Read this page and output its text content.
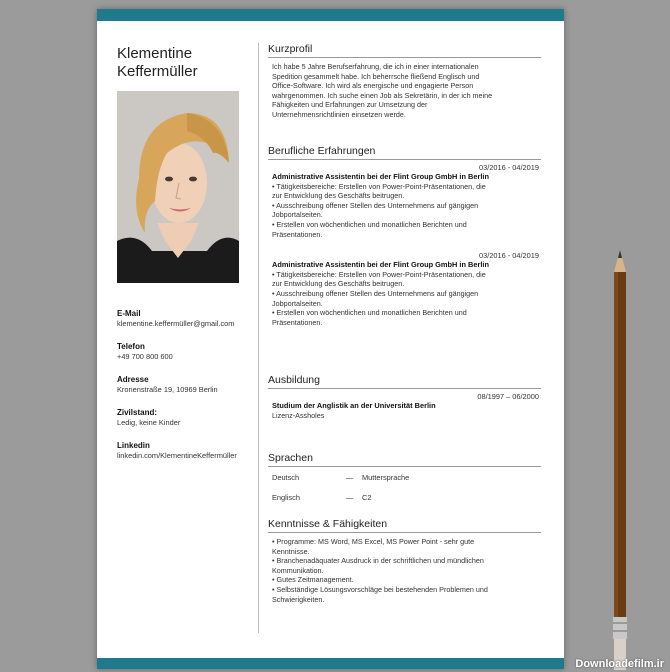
Klementine
Keffermüller
E-Mail
klementine.keffermüller@gmail.com
Telefon
+49 700 800 600
Adresse
Kronenstraße 19, 10969 Berlin
Zivilstand:
Ledig, keine Kinder
Linkedin
linkedin.com/KlementineKeffermüller
Kurzprofil
Ich habe 5 Jahre Berufserfahrung, die ich in einer internationalen
Spedition gesammelt habe. Ich beherrsche fließend Englisch und
Office-Software. Ich wird als energische und engagierte Person
wahrgenommen. Ich suche einen Job als Sekretärin, in der ich meine
Fähigkeiten und Erfahrungen zur Umsetzung der
Unternehmensrichtlinien einsetzen werde.
Berufliche Erfahrungen
03/2016 - 04/2019
Administrative Assistentin bei der Flint Group GmbH in Berlin
• Tätigkeitsbereiche: Erstellen von Power-Point-Präsentationen, die
zur Entwicklung des Geschäfts beitrugen.
• Ausschreibung offener Stellen des Unternehmens auf gängigen
Jobportalseiten.
• Erstellen von wöchentlichen und monatlichen Berichten und
Präsentationen.
03/2016 - 04/2019
Administrative Assistentin bei der Flint Group GmbH in Berlin
• Tätigkeitsbereiche: Erstellen von Power-Point-Präsentationen, die
zur Entwicklung des Geschäfts beitrugen.
• Ausschreibung offener Stellen des Unternehmens auf gängigen
Jobportalseiten.
• Erstellen von wöchentlichen und monatlichen Berichten und
Präsentationen.
Ausbildung
08/1997 – 06/2000
Studium der Anglistik an der Universität Berlin
Lizenz-Assholes
Sprachen
Deutsch	— Muttersprache
Englisch	— C2
Kenntnisse & Fähigkeiten
• Programme: MS Word, MS Excel, MS Power Point - sehr gute
Kenntnisse.
• Branchenadäquater Ausdruck in der schriftlichen und mündlichen
Kommunikation.
• Gutes Zeitmanagement.
• Selbständige Lösungsvorschläge bei bestehenden Problemen und
Schwierigkeiten.
Downloadefilm.ir
